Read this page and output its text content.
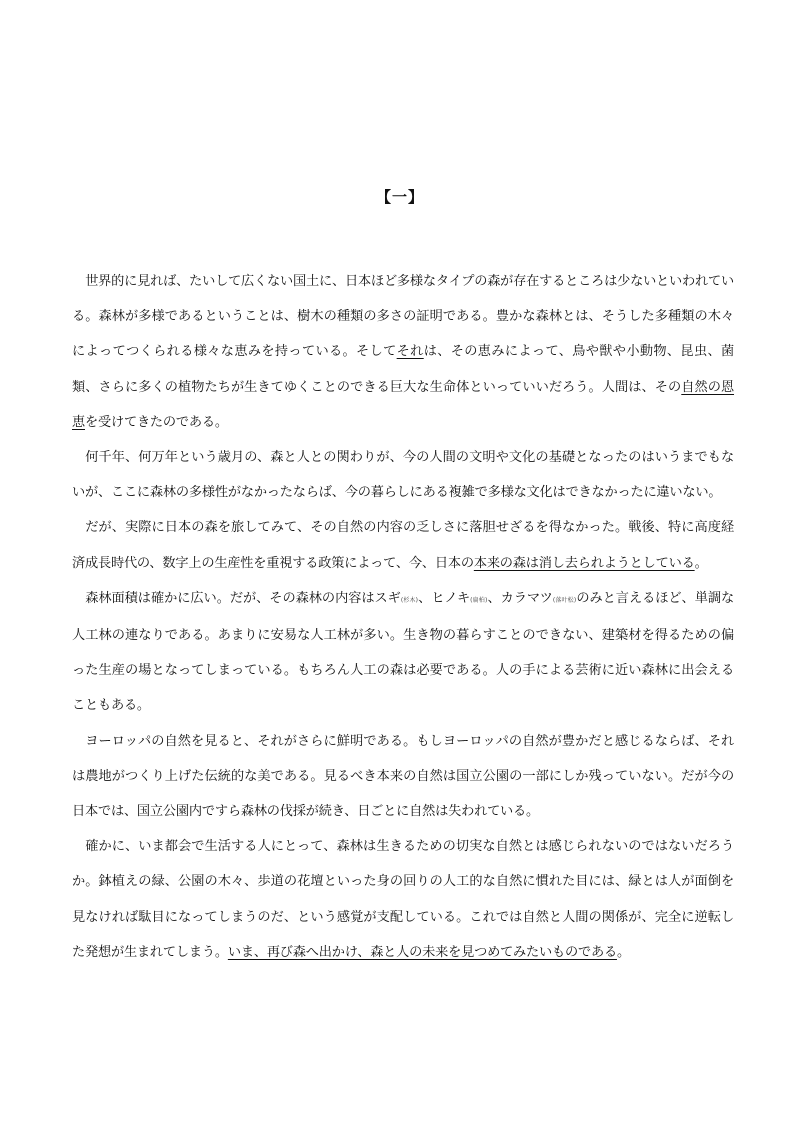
【一】

世界的に見れば、たいして広くない国土に、日本ほど多様なタイプの森が存在するところは少ないといわれている。森林が多様であるということは、樹木の種類の多さの証明である。豊かな森林とは、そうした多種類の木々によってつくられる様々な恵みを持っている。そしてそれは、その恵みによって、鳥や獣や小動物、昆虫、菌類、さらに多くの植物たちが生きてゆくことのできる巨大な生命体といっていいだろう。人間は、その自然の恩恵を受けてきたのである。

何千年、何万年という歳月の、森と人との関わりが、今の人間の文明や文化の基礎となったのはいうまでもないが、ここに森林の多様性がなかったならば、今の暮らしにある複雑で多様な文化はできなかったに違いない。

だが、実際に日本の森を旅してみて、その自然の内容の乏しさに落胆せざるを得なかった。戦後、特に高度経済成長時代の、数字上の生産性を重視する政策によって、今、日本の本来の森は消し去られようとしている。

森林面積は確かに広い。だが、その森林の内容はスギ(杉木)、ヒノキ(扁柏)、カラマツ(落叶松)のみと言えるほど、単調な人工林の連なりである。あまりに安易な人工林が多い。生き物の暮らすことのできない、建築材を得るための偏った生産の場となってしまっている。もちろん人工の森は必要である。人の手による芸術に近い森林に出会えることもある。

ヨーロッパの自然を見ると、それがさらに鮮明である。もしヨーロッパの自然が豊かだと感じるならば、それは農地がつくり上げた伝統的な美である。見るべき本来の自然は国立公園の一部にしか残っていない。だが今の日本では、国立公園内ですら森林の伐採が続き、日ごとに自然は失われている。

確かに、いま都会で生活する人にとって、森林は生きるための切実な自然とは感じられないのではないだろうか。鉢植えの緑、公園の木々、歩道の花壇といった身の回りの人工的な自然に慣れた目には、緑とは人が面倒を見なければ駄目になってしまうのだ、という感覚が支配している。これでは自然と人間の関係が、完全に逆転した発想が生まれてしまう。いま、再び森へ出かけ、森と人の未来を見つめてみたいものである。
